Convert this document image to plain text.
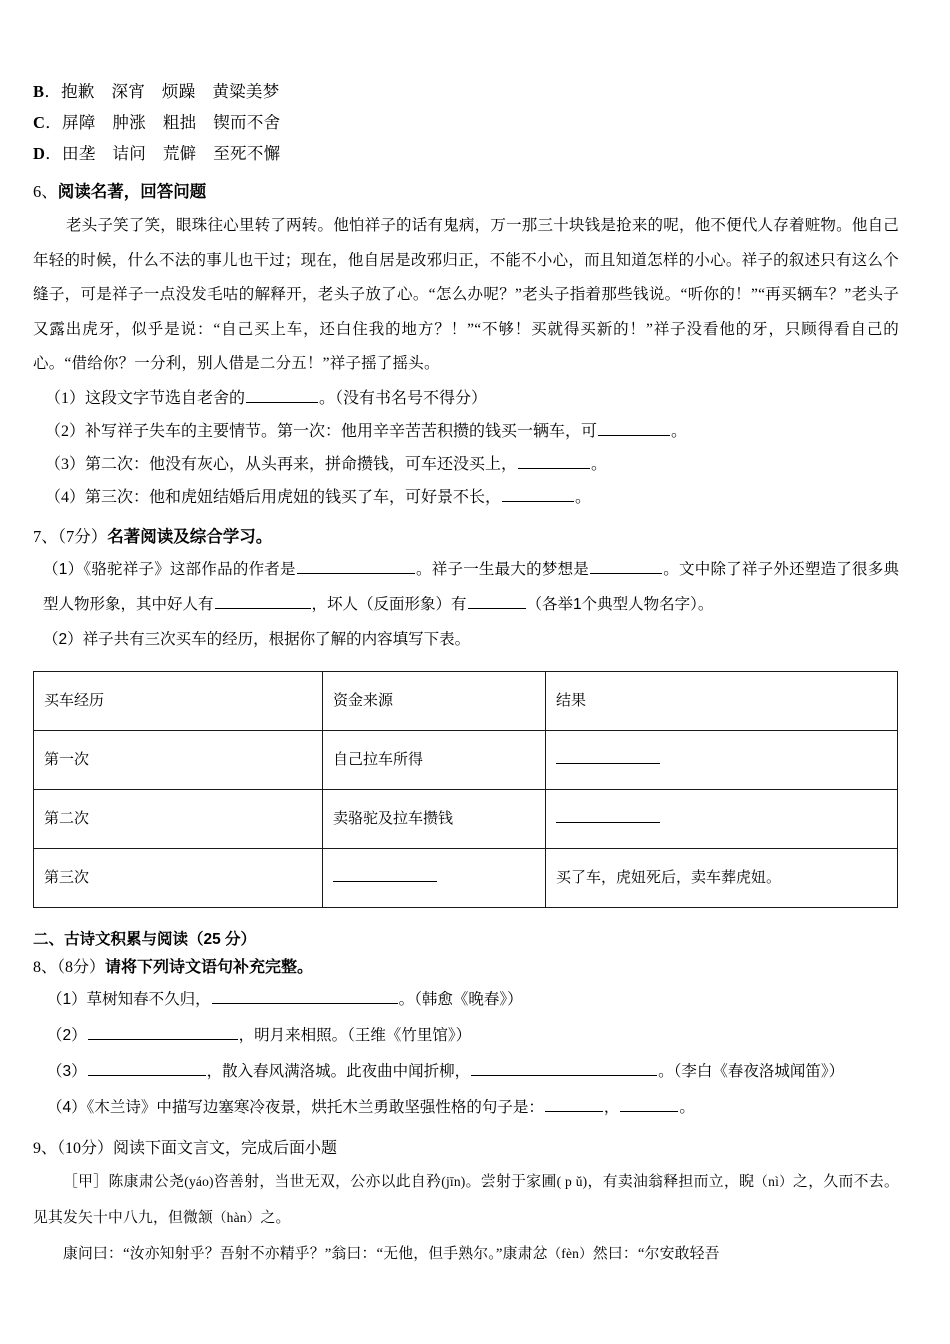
B．抱歉　深宵　烦躁　黄粱美梦
C．屏障　肿涨　粗拙　锲而不舍
D．田垄　诘问　荒僻　至死不懈
6、阅读名著，回答问题
老头子笑了笑，眼珠往心里转了两转。他怕祥子的话有鬼病，万一那三十块钱是抢来的呢，他不便代人存着赃物。他自己年轻的时候，什么不法的事儿也干过；现在，他自居是改邪归正，不能不小心，而且知道怎样的小心。祥子的叙述只有这么个缝子，可是祥子一点没发毛咕的解释开，老头子放了心。“怎么办呢？”老头子指着那些钱说。“听你的！”“再买辆车？”老头子又露出虎牙，似乎是说：“自己买上车，还白住我的地方？！”“不够！买就得买新的！”祥子没看他的牙，只顾得看自己的心。“借给你？一分利，别人借是二分五！”祥子摇了摇头。
（1）这段文字节选自老舍的	。（没有书名号不得分）
（2）补写祥子失车的主要情节。第一次：他用辛辛苦苦积攒的钱买一辆车，可	。
（3）第二次：他没有灰心，从头再来，拼命攒钱，可车还没买上，	。
（4）第三次：他和虎妞结婚后用虎妞的钱买了车，可好景不长，	。
7、（7分）名著阅读及综合学习。
（1）《骆驼祥子》这部作品的作者是	。祥子一生最大的梦想是	。文中除了祥子外还塑造了很多典型人物形象，其中好人有	，坏人（反面形象）有	（各举1个典型人物名字）。
（2）祥子共有三次买车的经历，根据你了解的内容填写下表。
买车经历	资金来源	结果
第一次	自己拉车所得	
第二次	卖骆驼及拉车攒钱	
第三次		买了车，虎妞死后，卖车葬虎妞。
二、古诗文积累与阅读（25 分）
8、（8分）请将下列诗文语句补充完整。
（1）草树知春不久归，	。（韩愈《晚春》）
（2）	，明月来相照。（王维《竹里馆》）
（3）	，散入春风满洛城。此夜曲中闻折柳，	。（李白《春夜洛城闻笛》）
（4）《木兰诗》中描写边塞寒冷夜景，烘托木兰勇敢坚强性格的句子是：	，	。
9、（10分）阅读下面文言文，完成后面小题
［甲］陈康肃公尧(yáo)咨善射，当世无双，公亦以此自矜(jīn)。尝射于家圃( p ǔ)，有卖油翁释担而立，睨（nì）之，久而不去。见其发矢十中八九，但微颔（hàn）之。
康问曰：“汝亦知射乎？吾射不亦精乎？”翁曰：“无他，但手熟尔。”康肃忿（fèn）然曰：“尔安敢轻吾
